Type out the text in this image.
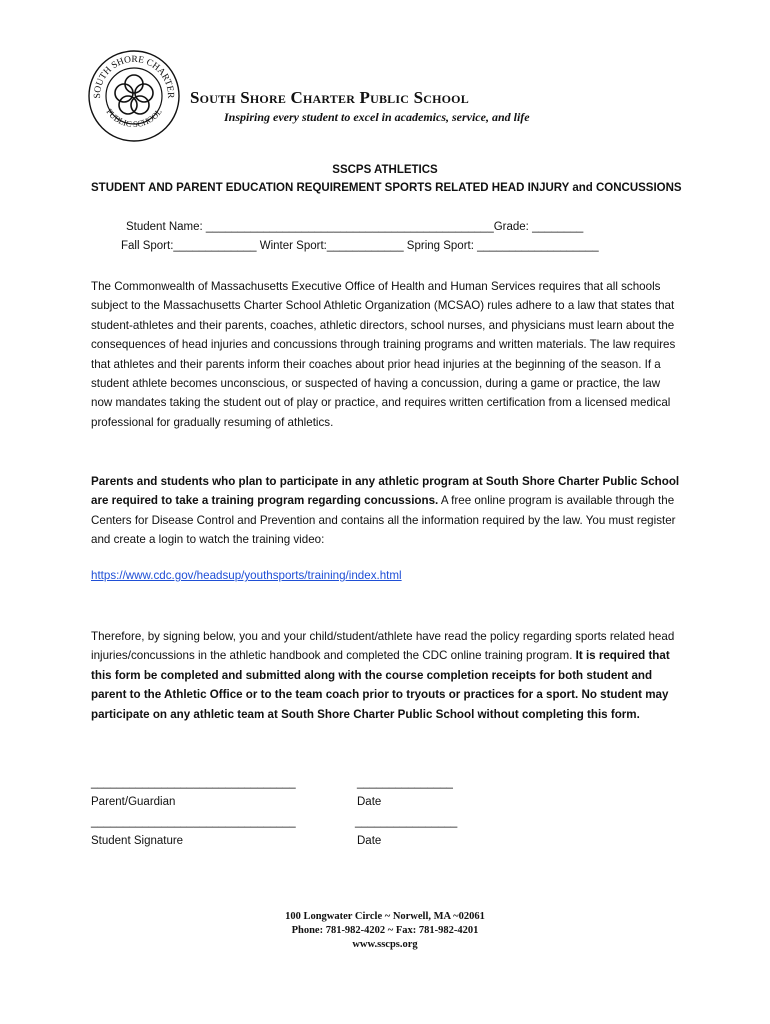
SOUTH SHORE CHARTER
PUBLIC SCHOOL
South Shore Charter Public School
Inspiring every student to excel in academics, service, and life
SSCPS ATHLETICS
STUDENT AND PARENT EDUCATION REQUIREMENT SPORTS RELATED HEAD INJURY and CONCUSSIONS
Student Name: _____________________________________________Grade: ________
Fall Sport:_____________ Winter Sport:____________ Spring Sport: ___________________
The Commonwealth of Massachusetts Executive Office of Health and Human Services requires that all schools subject to the Massachusetts Charter School Athletic Organization (MCSAO) rules adhere to a law that states that student-athletes and their parents, coaches, athletic directors, school nurses, and physicians must learn about the consequences of head injuries and concussions through training programs and written materials. The law requires that athletes and their parents inform their coaches about prior head injuries at the beginning of the season. If a student athlete becomes unconscious, or suspected of having a concussion, during a game or practice, the law now mandates taking the student out of play or practice, and requires written certification from a licensed medical professional for gradually resuming of athletics.
Parents and students who plan to participate in any athletic program at South Shore Charter Public School are required to take a training program regarding concussions. A free online program is available through the Centers for Disease Control and Prevention and contains all the information required by the law. You must register and create a login to watch the training video:
https://www.cdc.gov/headsup/youthsports/training/index.html
Therefore, by signing below, you and your child/student/athlete have read the policy regarding sports related head injuries/concussions in the athletic handbook and completed the CDC online training program. It is required that this form be completed and submitted along with the course completion receipts for both student and parent to the Athletic Office or to the team coach prior to tryouts or practices for a sport. No student may participate on any athletic team at South Shore Charter Public School without completing this form.
________________________________	_______________
Parent/Guardian	Date
________________________________	________________
Student Signature	Date
100 Longwater Circle ~ Norwell, MA ~02061
Phone: 781-982-4202 ~ Fax: 781-982-4201
www.sscps.org
